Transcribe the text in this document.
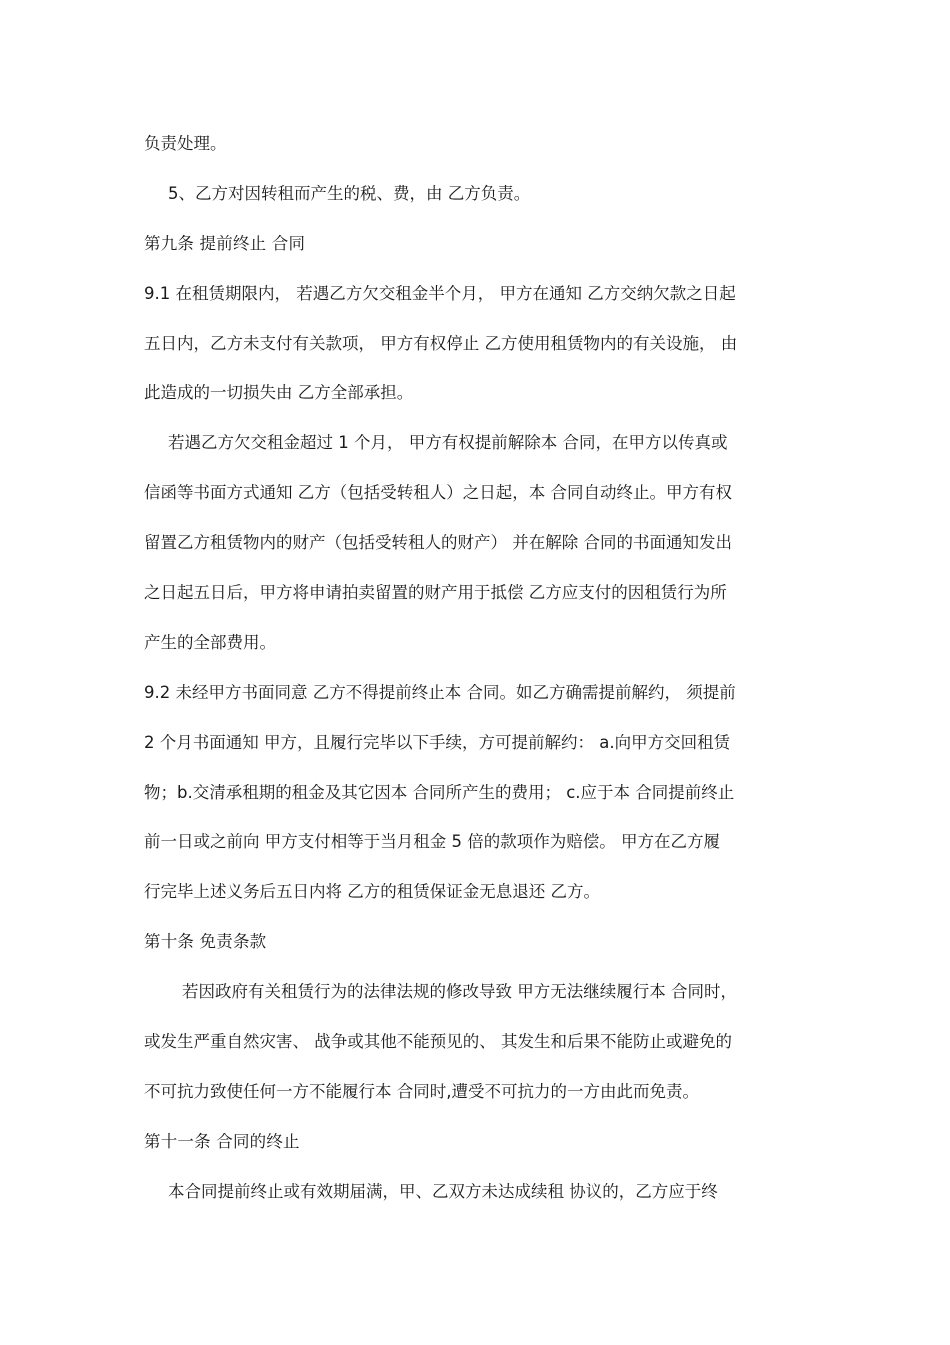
负责处理。
5、乙方对因转租而产生的税、费，由 乙方负责。
第九条 提前终止 合同
9.1 在租赁期限内， 若遇乙方欠交租金半个月， 甲方在通知 乙方交纳欠款之日起
五日内，乙方未支付有关款项， 甲方有权停止 乙方使用租赁物内的有关设施， 由
此造成的一切损失由 乙方全部承担。
若遇乙方欠交租金超过 1 个月， 甲方有权提前解除本 合同，在甲方以传真或
信函等书面方式通知 乙方（包括受转租人）之日起，本 合同自动终止。甲方有权
留置乙方租赁物内的财产（包括受转租人的财产） 并在解除 合同的书面通知发出
之日起五日后，甲方将申请拍卖留置的财产用于抵偿 乙方应支付的因租赁行为所
产生的全部费用。
9.2 未经甲方书面同意 乙方不得提前终止本 合同。如乙方确需提前解约， 须提前
2 个月书面通知 甲方，且履行完毕以下手续，方可提前解约： a.向甲方交回租赁
物；b.交清承租期的租金及其它因本 合同所产生的费用； c.应于本 合同提前终止
前一日或之前向 甲方支付相等于当月租金 5 倍的款项作为赔偿。 甲方在乙方履
行完毕上述义务后五日内将 乙方的租赁保证金无息退还 乙方。
第十条 免责条款
若因政府有关租赁行为的法律法规的修改导致 甲方无法继续履行本 合同时，
或发生严重自然灾害、 战争或其他不能预见的、 其发生和后果不能防止或避免的
不可抗力致使任何一方不能履行本 合同时,遭受不可抗力的一方由此而免责。
第十一条 合同的终止
本合同提前终止或有效期届满，甲、乙双方未达成续租 协议的，乙方应于终
